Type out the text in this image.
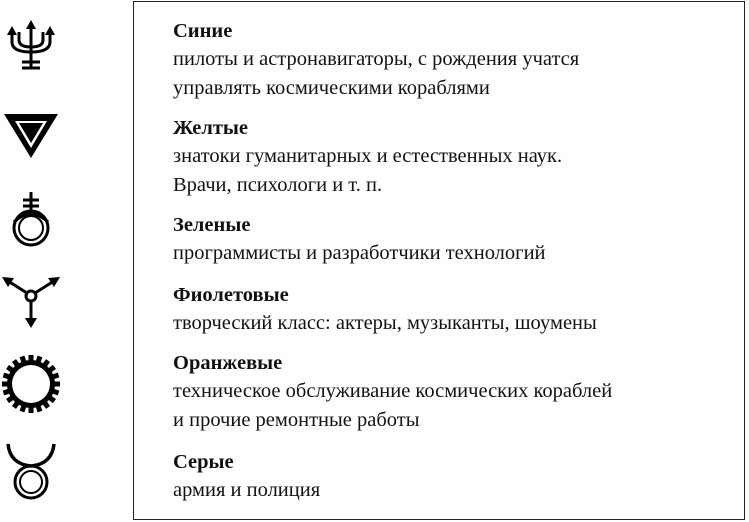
Синие
пилоты и астронавигаторы, с рождения учатся
управлять космическими кораблями
Желтые
знатоки гуманитарных и естественных наук.
Врачи, психологи и т. п.
Зеленые
программисты и разработчики технологий
Фиолетовые
творческий класс: актеры, музыканты, шоумены
Оранжевые
техническое обслуживание космических кораблей
и прочие ремонтные работы
Серые
армия и полиция
